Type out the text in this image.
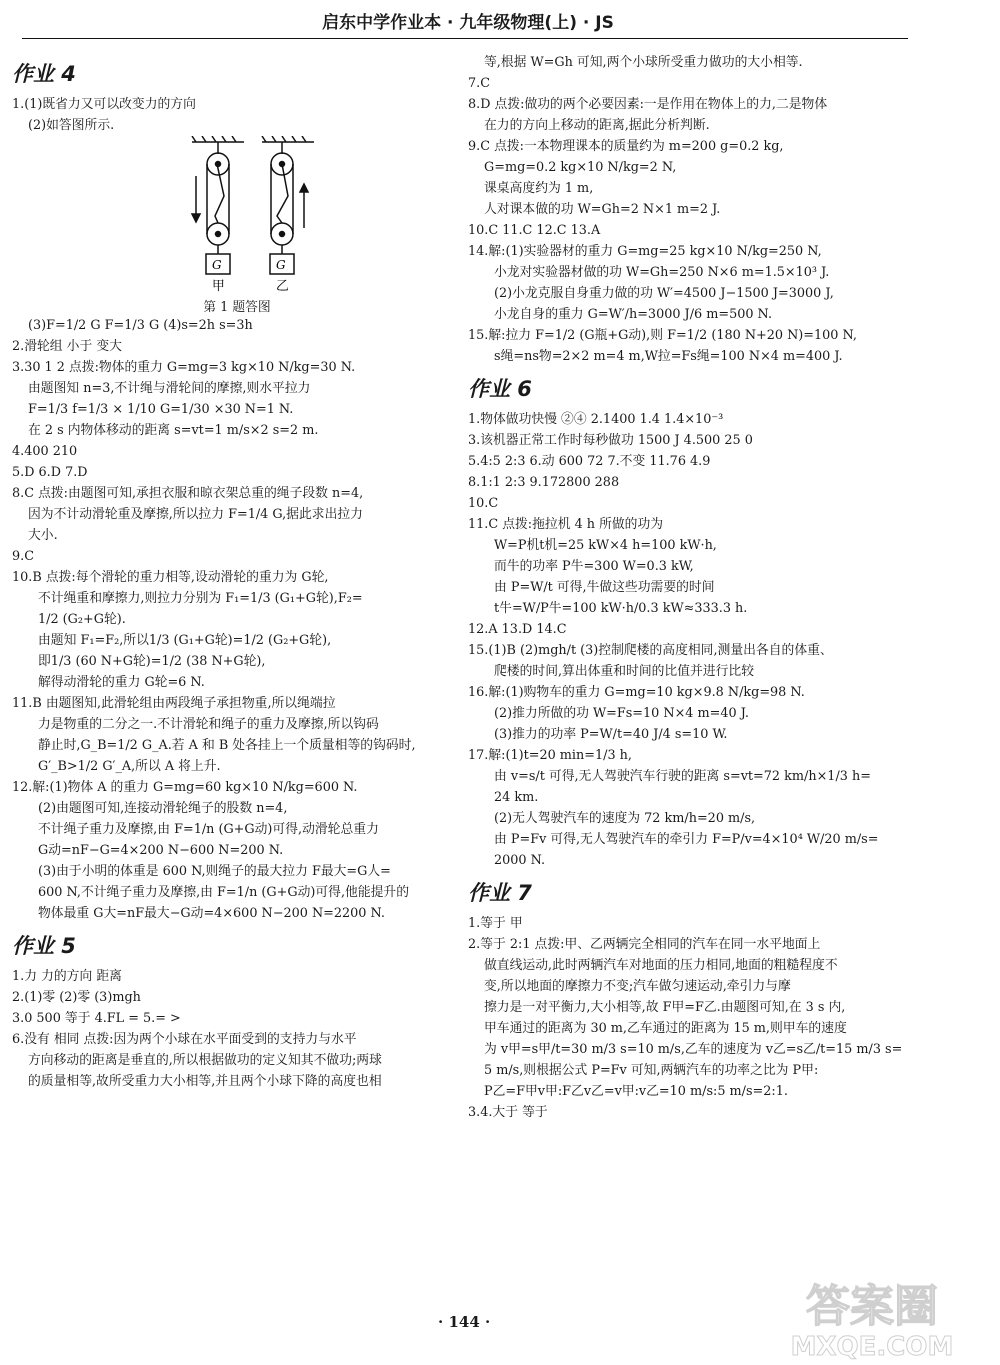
启东中学作业本 · 九年级物理(上) · JS
作业 4
1.(1)既省力又可以改变力的方向
(2)如答图所示.
G	G
甲	乙
第 1 题答图
(3)F=1/2 G F=1/3 G (4)s=2h s=3h
2.滑轮组 小于 变大
3.30 1 2 点拨:物体的重力 G=mg=3 kg×10 N/kg=30 N.
由题图知 n=3,不计绳与滑轮间的摩擦,则水平拉力
F=1/3 f=1/3 × 1/10 G=1/30 ×30 N=1 N.
在 2 s 内物体移动的距离 s=vt=1 m/s×2 s=2 m.
4.400 210
5.D 6.D 7.D
8.C 点拨:由题图可知,承担衣服和晾衣架总重的绳子段数 n=4,
因为不计动滑轮重及摩擦,所以拉力 F=1/4 G,据此求出拉力
大小.
9.C
10.B 点拨:每个滑轮的重力相等,设动滑轮的重力为 G轮,
不计绳重和摩擦力,则拉力分别为 F₁=1/3 (G₁+G轮),F₂=
1/2 (G₂+G轮).
由题知 F₁=F₂,所以1/3 (G₁+G轮)=1/2 (G₂+G轮),
即1/3 (60 N+G轮)=1/2 (38 N+G轮),
解得动滑轮的重力 G轮=6 N.
11.B 由题图知,此滑轮组由两段绳子承担物重,所以绳端拉
力是物重的二分之一.不计滑轮和绳子的重力及摩擦,所以钩码
静止时,G_B=1/2 G_A.若 A 和 B 处各挂上一个质量相等的钩码时,
G′_B>1/2 G′_A,所以 A 将上升.
12.解:(1)物体 A 的重力 G=mg=60 kg×10 N/kg=600 N.
(2)由题图可知,连接动滑轮绳子的股数 n=4,
不计绳子重力及摩擦,由 F=1/n (G+G动)可得,动滑轮总重力
G动=nF−G=4×200 N−600 N=200 N.
(3)由于小明的体重是 600 N,则绳子的最大拉力 F最大=G人=
600 N,不计绳子重力及摩擦,由 F=1/n (G+G动)可得,他能提升的
物体最重 G大=nF最大−G动=4×600 N−200 N=2200 N.
作业 5
1.力 力的方向 距离
2.(1)零 (2)零 (3)mgh
3.0 500 等于 4.FL = 5.= >
6.没有 相同 点拨:因为两个小球在水平面受到的支持力与水平
方向移动的距离是垂直的,所以根据做功的定义知其不做功;两球
的质量相等,故所受重力大小相等,并且两个小球下降的高度也相
等,根据 W=Gh 可知,两个小球所受重力做功的大小相等.
7.C
8.D 点拨:做功的两个必要因素:一是作用在物体上的力,二是物体
在力的方向上移动的距离,据此分析判断.
9.C 点拨:一本物理课本的质量约为 m=200 g=0.2 kg,
G=mg=0.2 kg×10 N/kg=2 N,
课桌高度约为 1 m,
人对课本做的功 W=Gh=2 N×1 m=2 J.
10.C 11.C 12.C 13.A
14.解:(1)实验器材的重力 G=mg=25 kg×10 N/kg=250 N,
小龙对实验器材做的功 W=Gh=250 N×6 m=1.5×10³ J.
(2)小龙克服自身重力做的功 W′=4500 J−1500 J=3000 J,
小龙自身的重力 G=W′/h=3000 J/6 m=500 N.
15.解:拉力 F=1/2 (G瓶+G动),则 F=1/2 (180 N+20 N)=100 N,
s绳=ns物=2×2 m=4 m,W拉=Fs绳=100 N×4 m=400 J.
作业 6
1.物体做功快慢 ②④ 2.1400 1.4 1.4×10⁻³
3.该机器正常工作时每秒做功 1500 J 4.500 25 0
5.4:5 2:3 6.动 600 72 7.不变 11.76 4.9
8.1:1 2:3 9.172800 288
10.C
11.C 点拨:拖拉机 4 h 所做的功为
W=P机t机=25 kW×4 h=100 kW·h,
而牛的功率 P牛=300 W=0.3 kW,
由 P=W/t 可得,牛做这些功需要的时间
t牛=W/P牛=100 kW·h/0.3 kW≈333.3 h.
12.A 13.D 14.C
15.(1)B (2)mgh/t (3)控制爬楼的高度相同,测量出各自的体重、
爬楼的时间,算出体重和时间的比值并进行比较
16.解:(1)购物车的重力 G=mg=10 kg×9.8 N/kg=98 N.
(2)推力所做的功 W=Fs=10 N×4 m=40 J.
(3)推力的功率 P=W/t=40 J/4 s=10 W.
17.解:(1)t=20 min=1/3 h,
由 v=s/t 可得,无人驾驶汽车行驶的距离 s=vt=72 km/h×1/3 h=
24 km.
(2)无人驾驶汽车的速度为 72 km/h=20 m/s,
由 P=Fv 可得,无人驾驶汽车的牵引力 F=P/v=4×10⁴ W/20 m/s=
2000 N.
作业 7
1.等于 甲
2.等于 2:1 点拨:甲、乙两辆完全相同的汽车在同一水平地面上
做直线运动,此时两辆汽车对地面的压力相同,地面的粗糙程度不
变,所以地面的摩擦力不变;汽车做匀速运动,牵引力与摩
擦力是一对平衡力,大小相等,故 F甲=F乙.由题图可知,在 3 s 内,
甲车通过的距离为 30 m,乙车通过的距离为 15 m,则甲车的速度
为 v甲=s甲/t=30 m/3 s=10 m/s,乙车的速度为 v乙=s乙/t=15 m/3 s=
5 m/s,则根据公式 P=Fv 可知,两辆汽车的功率之比为 P甲:
P乙=F甲v甲:F乙v乙=v甲:v乙=10 m/s:5 m/s=2:1.
3.4.大于 等于
· 144 ·	答案圈
MXQE.COM
